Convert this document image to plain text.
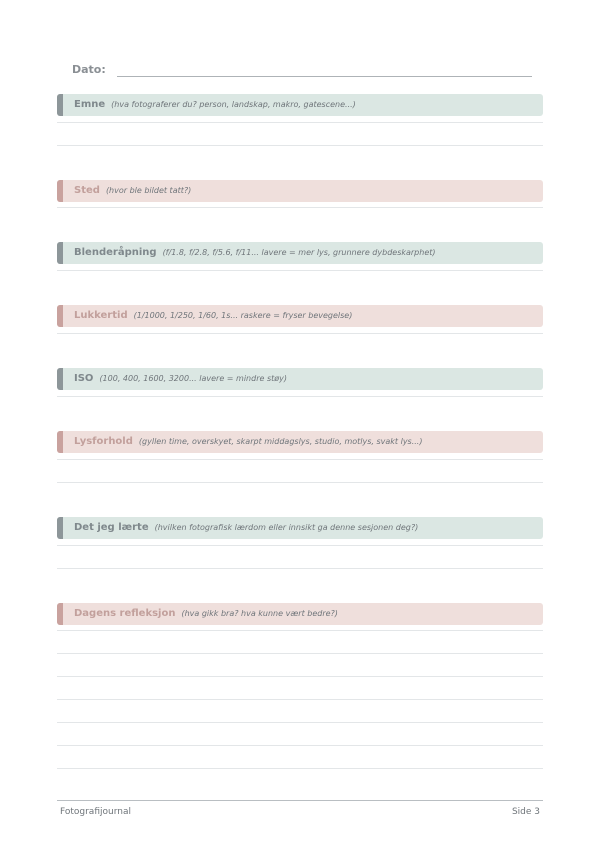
Dato:
Emne (hva fotograferer du? person, landskap, makro, gatescene...)
Sted (hvor ble bildet tatt?)
Blenderåpning (f/1.8, f/2.8, f/5.6, f/11... lavere = mer lys, grunnere dybdeskarphet)
Lukkertid (1/1000, 1/250, 1/60, 1s... raskere = fryser bevegelse)
ISO (100, 400, 1600, 3200... lavere = mindre støy)
Lysforhold (gyllen time, overskyet, skarpt middagslys, studio, motlys, svakt lys...)
Det jeg lærte (hvilken fotografisk lærdom eller innsikt ga denne sesjonen deg?)
Dagens refleksjon (hva gikk bra? hva kunne vært bedre?)
Fotografijournal	Side 3
